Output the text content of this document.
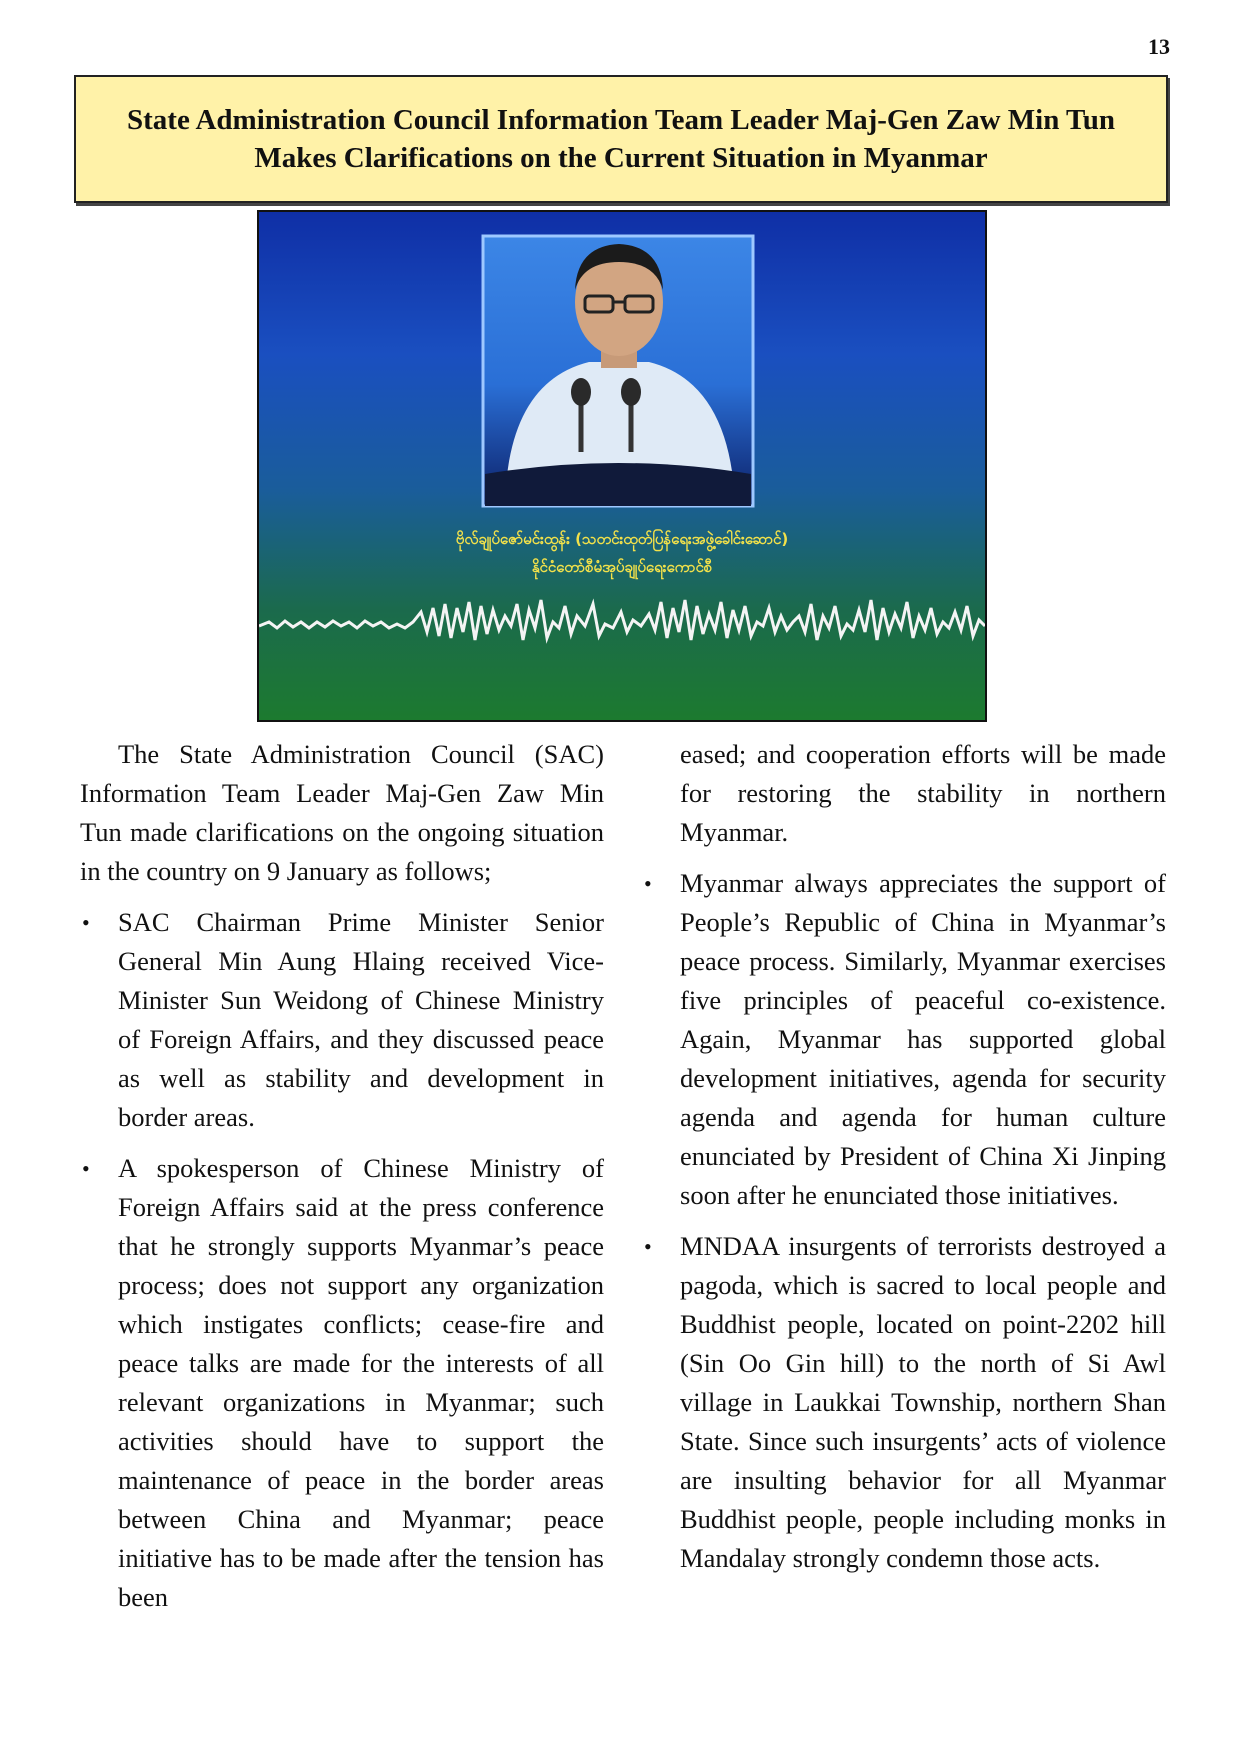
13
State Administration Council Information Team Leader Maj-Gen Zaw Min Tun
Makes Clarifications on the Current Situation in Myanmar
ဗိုလ်ချုပ်ဇော်မင်းထွန်း (သတင်းထုတ်ပြန်ရေးအဖွဲ့ခေါင်းဆောင်)
နိုင်ငံတော်စီမံအုပ်ချုပ်ရေးကောင်စီ

The State Administration Council (SAC) Information Team Leader Maj-Gen Zaw Min Tun made clarifications on the ongoing situation in the country on 9 January as follows;

• SAC Chairman Prime Minister Senior General Min Aung Hlaing received Vice-Minister Sun Weidong of Chinese Ministry of Foreign Affairs, and they discussed peace as well as stability and development in border areas.
• A spokesperson of Chinese Ministry of Foreign Affairs said at the press conference that he strongly supports Myanmar’s peace process; does not support any organization which instigates conflicts; cease-fire and peace talks are made for the interests of all relevant organizations in Myanmar; such activities should have to support the maintenance of peace in the border areas between China and Myanmar; peace initiative has to be made after the tension has been

eased; and cooperation efforts will be made for restoring the stability in northern Myanmar.

• Myanmar always appreciates the support of People’s Republic of China in Myanmar’s peace process. Similarly, Myanmar exercises five principles of peaceful co-existence. Again, Myanmar has supported global development initiatives, agenda for security agenda and agenda for human culture enunciated by President of China Xi Jinping soon after he enunciated those initiatives.
• MNDAA insurgents of terrorists destroyed a pagoda, which is sacred to local people and Buddhist people, located on point-2202 hill (Sin Oo Gin hill) to the north of Si Awl village in Laukkai Township, northern Shan State. Since such insurgents’ acts of violence are insulting behavior for all Myanmar Buddhist people, people including monks in Mandalay strongly condemn those acts.
